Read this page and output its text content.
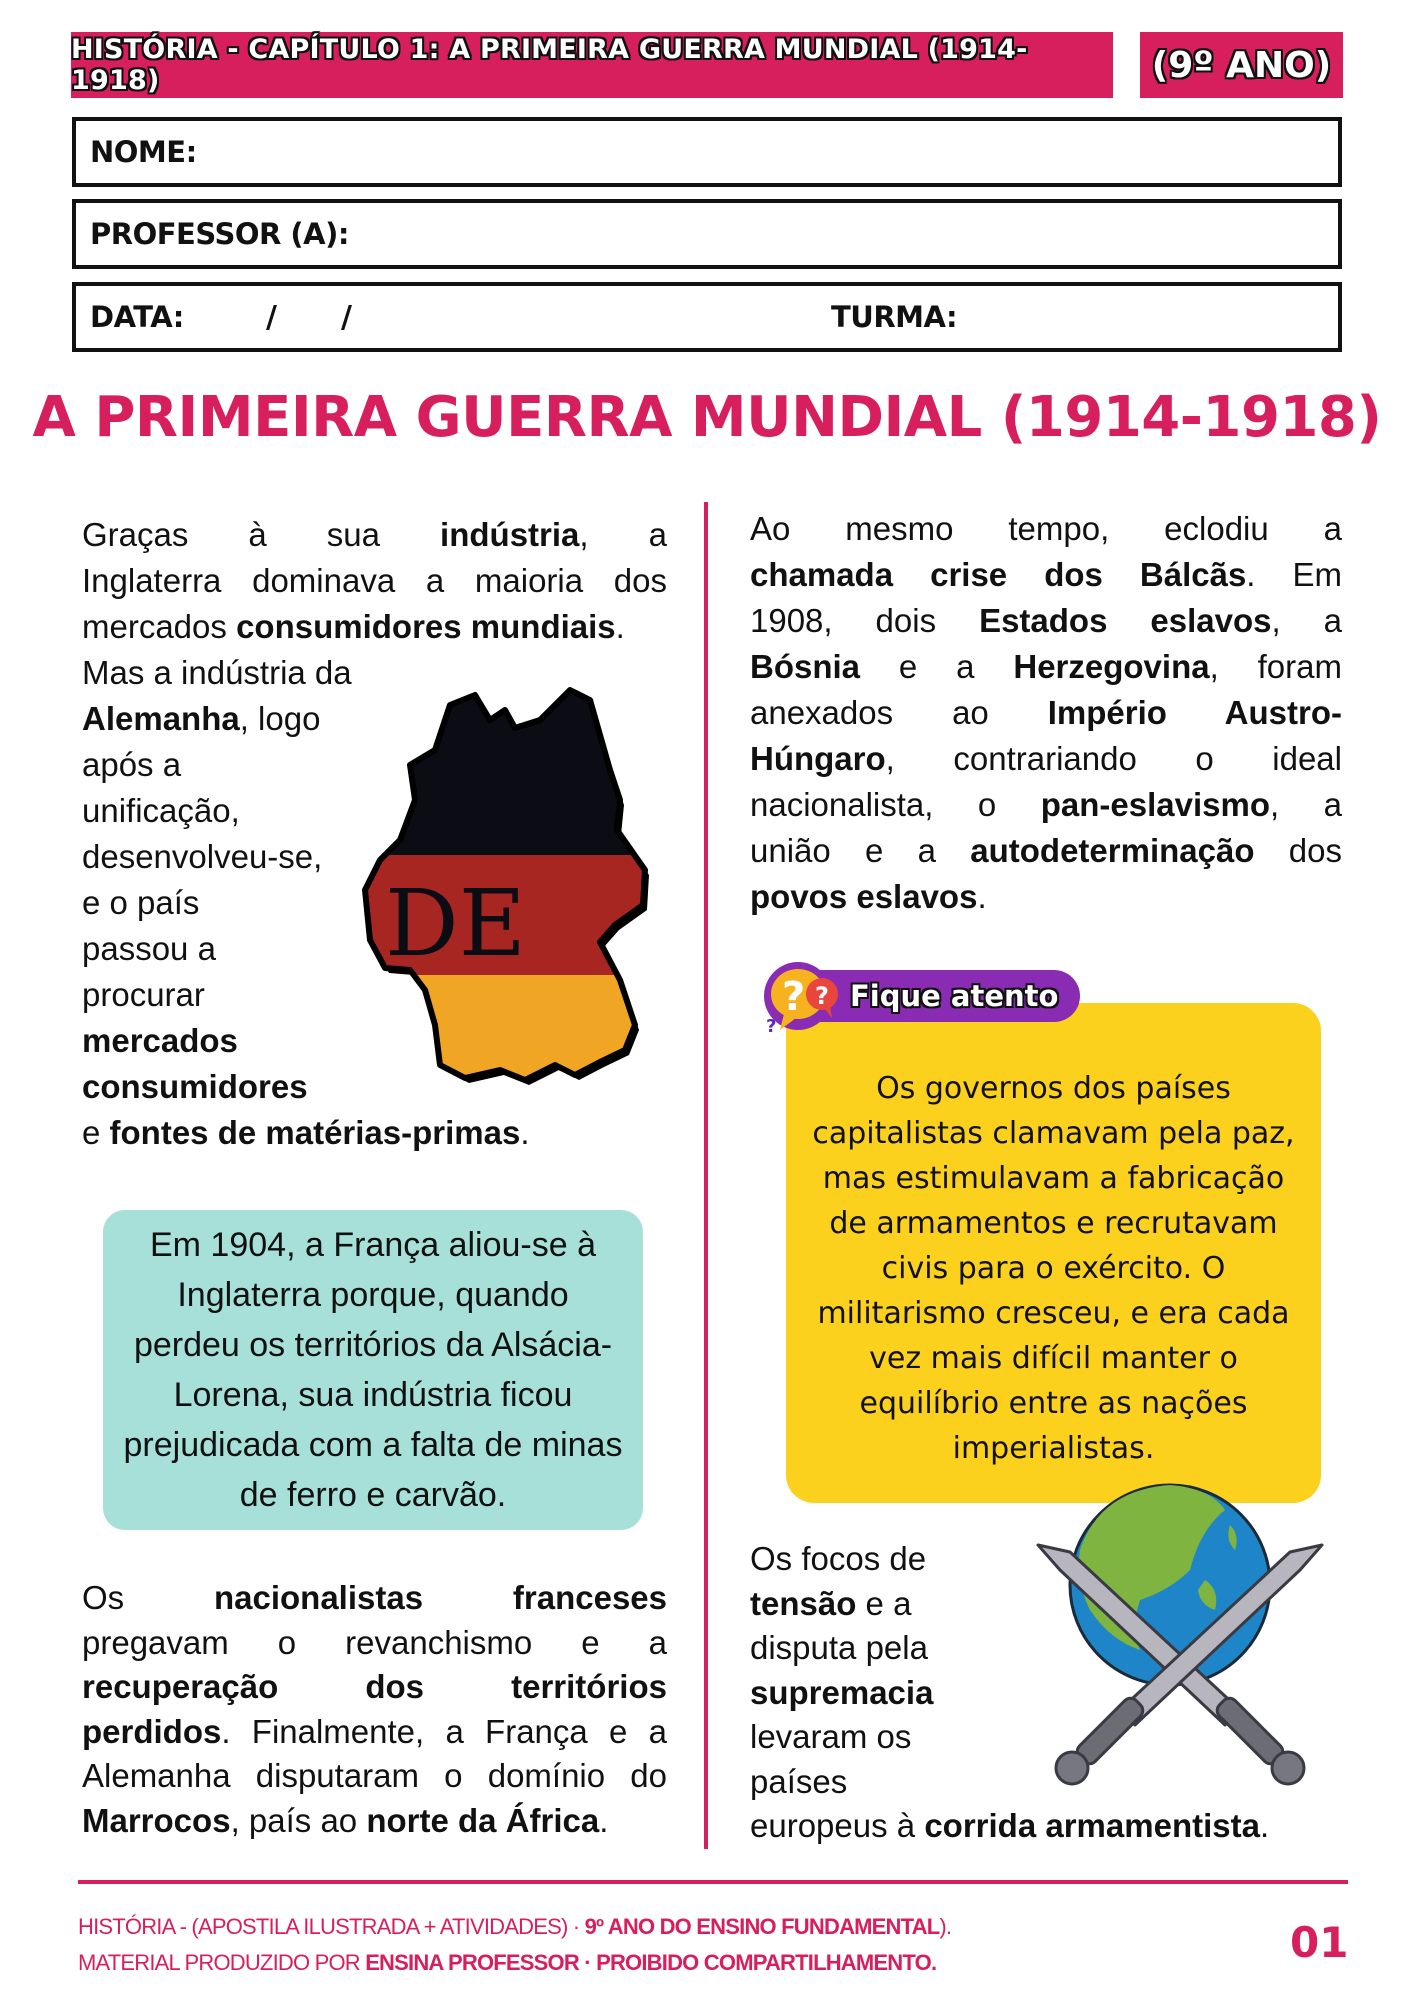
HISTÓRIA - CAPÍTULO 1: A PRIMEIRA GUERRA MUNDIAL (1914-1918)	(9º ANO)
NOME:
PROFESSOR (A):
DATA:	/ /	TURMA:
A PRIMEIRA GUERRA MUNDIAL (1914-1918)
Graças à sua indústria, a
Inglaterra dominava a maioria dos
mercados consumidores mundiais.
Mas a indústria da
Alemanha, logo
após a
unificação,
desenvolveu-se,
e o país
passou a
procurar
mercados
consumidores
e fontes de matérias-primas.
DE
Em 1904, a França aliou-se à Inglaterra porque, quando perdeu os territórios da Alsácia-Lorena, sua indústria ficou prejudicada com a falta de minas de ferro e carvão.
Os	nacionalistas	franceses
pregavam o revanchismo e a
recuperação	dos	territórios
perdidos. Finalmente, a França e a
Alemanha disputaram o domínio do
Marrocos, país ao norte da África.
Ao mesmo tempo, eclodiu a
chamada crise dos Bálcãs. Em
1908, dois Estados eslavos, a
Bósnia e a Herzegovina, foram
anexados ao Império Austro-
Húngaro, contrariando o ideal
nacionalista, o pan-eslavismo, a
união e a autodeterminação dos
povos eslavos.
Os governos dos países capitalistas clamavam pela paz, mas estimulavam a fabricação de armamentos e recrutavam civis para o exército. O militarismo cresceu, e era cada vez mais difícil manter o equilíbrio entre as nações imperialistas.
Fique atento
? ?
?
Os focos de
tensão e a
disputa pela
supremacia
levaram os
países
europeus à corrida armamentista.
HISTÓRIA - (APOSTILA ILUSTRADA + ATIVIDADES) · 9º ANO DO ENSINO FUNDAMENTAL).
MATERIAL PRODUZIDO POR ENSINA PROFESSOR · PROIBIDO COMPARTILHAMENTO.	01
